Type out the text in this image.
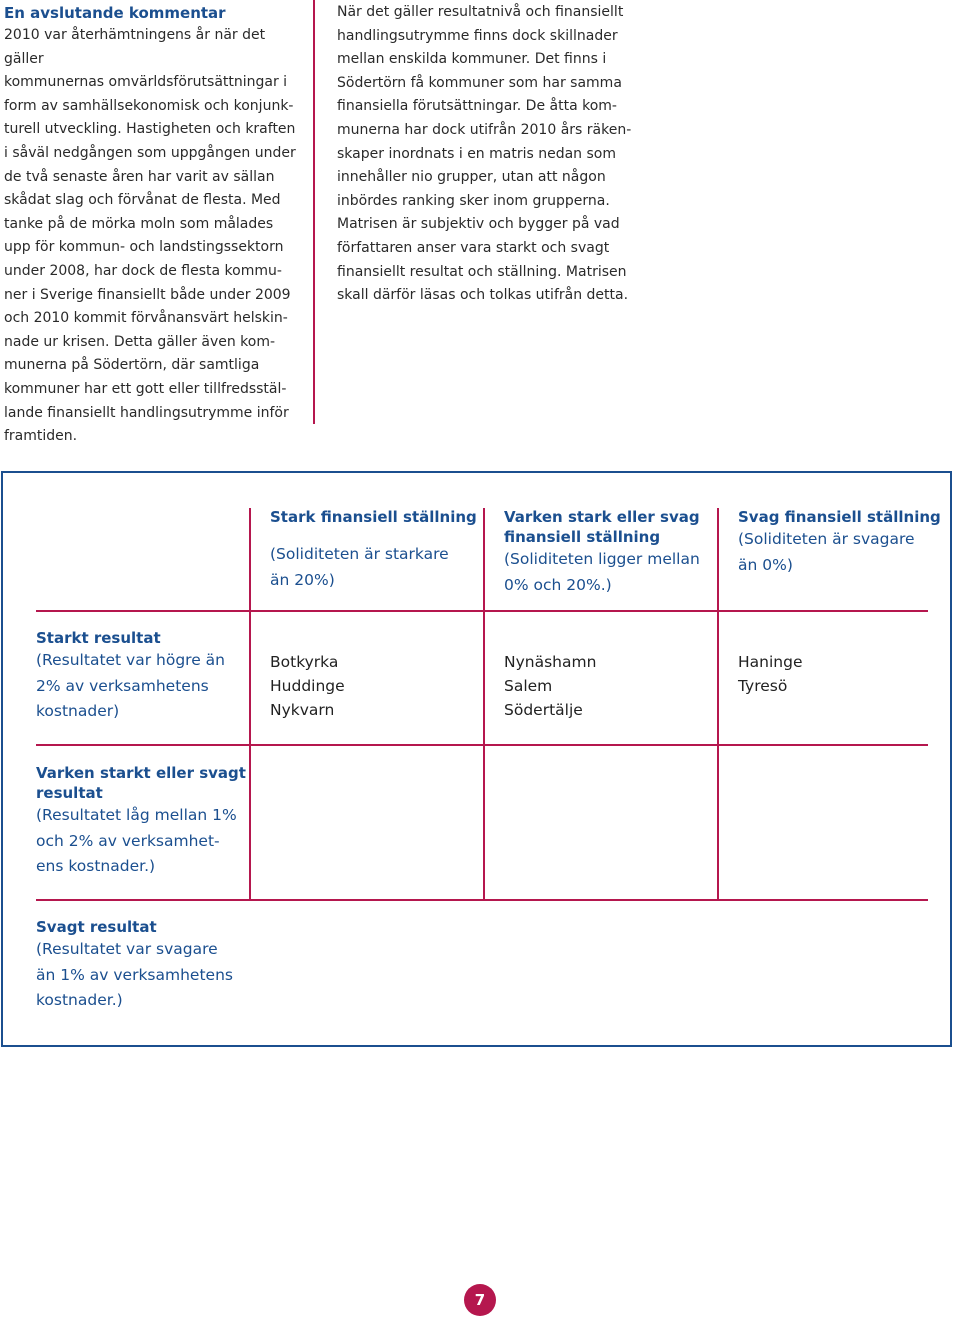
En avslutande kommentar

2010 var återhämtningens år när det gäller

kommunernas omvärldsförutsättningar i

form av samhällsekonomisk och konjunk-

turell utveckling. Hastigheten och kraften

i såväl nedgången som uppgången under

de två senaste åren har varit av sällan

skådat slag och förvånat de flesta. Med

tanke på de mörka moln som målades

upp för kommun- och landstingssektorn

under 2008, har dock de flesta kommu-

ner i Sverige finansiellt både under 2009

och 2010 kommit förvånansvärt helskin-

nade ur krisen. Detta gäller även kom-

munerna på Södertörn, där samtliga

kommuner har ett gott eller tillfredsstäl-

lande finansiellt handlingsutrymme inför

framtiden.

När det gäller resultatnivå och finansiellt

handlingsutrymme finns dock skillnader

mellan enskilda kommuner. Det finns i

Södertörn få kommuner som har samma

finansiella förutsättningar. De åtta kom-

munerna har dock utifrån 2010 års räken-

skaper inordnats i en matris nedan som

innehåller nio grupper, utan att någon

inbördes ranking sker inom grupperna.

Matrisen är subjektiv och bygger på vad

författaren anser vara starkt och svagt

finansiellt resultat och ställning. Matrisen

skall därför läsas och tolkas utifrån detta.

Stark finansiell ställning
(Soliditeten är starkare
än 20%)
Varken stark eller svag
finansiell ställning
(Soliditeten ligger mellan
0% och 20%.)
Svag finansiell ställning
(Soliditeten är svagare
än 0%)
Starkt resultat
(Resultatet var högre än
2% av verksamhetens
kostnader)
Botkyrka
Huddinge
Nykvarn
Nynäshamn
Salem
Södertälje
Haninge
Tyresö
Varken starkt eller svagt
resultat
(Resultatet låg mellan 1%
och 2% av verksamhet-
ens kostnader.)
Svagt resultat
(Resultatet var svagare
än 1% av verksamhetens
kostnader.)
7
